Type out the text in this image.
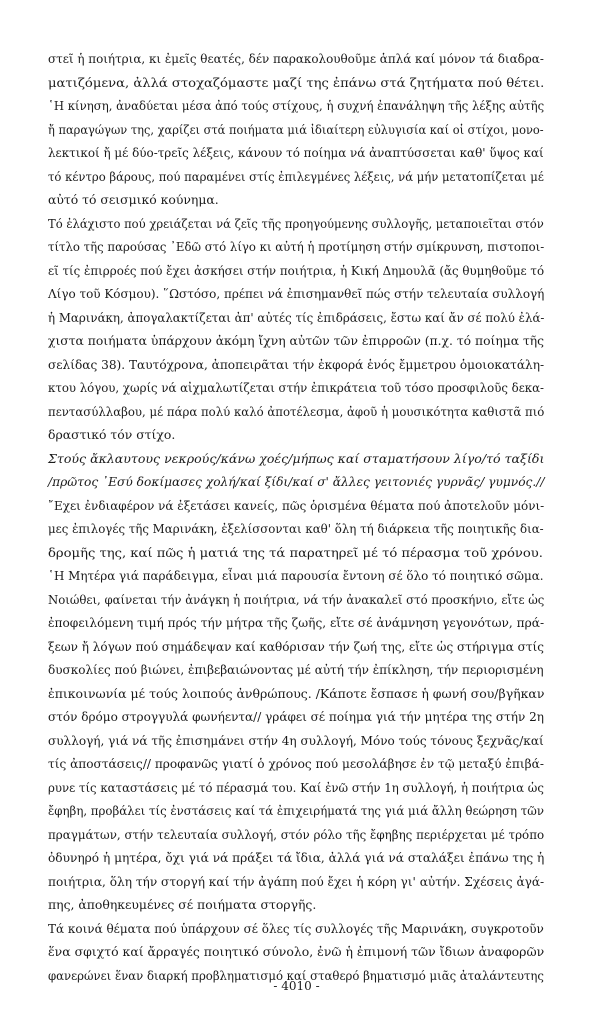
στεῖ ἡ ποιήτρια, κι ἐμεῖς θεατές, δέν παρακολουθοῦμε ἁπλά καί μόνον τά διαδρα-
ματιζόμενα, ἀλλά στοχαζόμαστε μαζί της ἐπάνω στά ζητήματα πού θέτει.
῾Η κίνηση, ἀναδύεται μέσα ἀπό τούς στίχους, ἡ συχνή ἐπανάληψη τῆς λέξης αὐτῆς
ἤ παραγώγων της, χαρίζει στά ποιήματα μιά ἰδιαίτερη εὐλυγισία καί οἱ στίχοι, μονο-
λεκτικοί ἤ μέ δύο-τρεῖς λέξεις, κάνουν τό ποίημα νά ἀναπτύσσεται καθ' ὕψος καί
τό κέντρο βάρους, πού παραμένει στίς ἐπιλεγμένες λέξεις, νά μήν μετατοπίζεται μέ
αὐτό τό σεισμικό κούνημα.
Τό ἐλάχιστο πού χρειάζεται νά ζεῖς τῆς προηγούμενης συλλογῆς, μεταποιεῖται στόν
τίτλο τῆς παρούσας ᾿Εδῶ στό λίγο κι αὐτή ἡ προτίμηση στήν σμίκρυνση, πιστοποι-
εῖ τίς ἐπιρροές πού ἔχει ἀσκήσει στήν ποιήτρια, ἡ Κική Δημουλᾶ (ἄς θυμηθοῦμε τό
Λίγο τοῦ Κόσμου). ῞Ωστόσο, πρέπει νά ἐπισημανθεῖ πώς στήν τελευταία συλλογή
ἡ Μαρινάκη, ἀπογαλακτίζεται ἀπ' αὐτές τίς ἐπιδράσεις, ἔστω καί ἄν σέ πολύ ἐλά-
χιστα ποιήματα ὑπάρχουν ἀκόμη ἴχνη αὐτῶν τῶν ἐπιρροῶν (π.χ. τό ποίημα τῆς
σελίδας 38). Ταυτόχρονα, ἀποπειρᾶται τήν ἐκφορά ἑνός ἔμμετρου ὁμοιοκατάλη-
κτου λόγου, χωρίς νά αἰχμαλωτίζεται στήν ἐπικράτεια τοῦ τόσο προσφιλοῦς δεκα-
πεντασύλλαβου, μέ πάρα πολύ καλό ἀποτέλεσμα, ἀφοῦ ἡ μουσικότητα καθιστᾶ πιό
δραστικό τόν στίχο.
Στούς ἄκλαυτους νεκρούς/κάνω χοές/μήπως καί σταματήσουν λίγο/τό ταξίδι
/πρῶτος ᾿Εσύ δοκίμασες χολή/καί ξίδι/καί σ' ἄλλες γειτονιές γυρνᾶς/ γυμνός.//
῎Εχει ἐνδιαφέρον νά ἐξετάσει κανείς, πῶς ὁρισμένα θέματα πού ἀποτελοῦν μόνι-
μες ἐπιλογές τῆς Μαρινάκη, ἐξελίσσονται καθ' ὅλη τή διάρκεια τῆς ποιητικῆς δια-
δρομῆς της, καί πῶς ἡ ματιά της τά παρατηρεῖ μέ τό πέρασμα τοῦ χρόνου.
῾Η Μητέρα γιά παράδειγμα, εἶναι μιά παρουσία ἔντονη σέ ὅλο τό ποιητικό σῶμα.
Νοιώθει, φαίνεται τήν ἀνάγκη ἡ ποιήτρια, νά τήν ἀνακαλεῖ στό προσκήνιο, εἴτε ὡς
ἐποφειλόμενη τιμή πρός τήν μήτρα τῆς ζωῆς, εἴτε σέ ἀνάμνηση γεγονότων, πρά-
ξεων ἤ λόγων πού σημάδεψαν καί καθόρισαν τήν ζωή της, εἴτε ὡς στήριγμα στίς
δυσκολίες πού βιώνει, ἐπιβεβαιώνοντας μέ αὐτή τήν ἐπίκληση, τήν περιορισμένη
ἐπικοινωνία μέ τούς λοιπούς ἀνθρώπους. /Κάποτε ἔσπασε ἡ φωνή σου/βγῆκαν
στόν δρόμο στρογγυλά φωνήεντα// γράφει σέ ποίημα γιά τήν μητέρα της στήν 2η
συλλογή, γιά νά τῆς ἐπισημάνει στήν 4η συλλογή, Μόνο τούς τόνους ξεχνᾶς/καί
τίς ἀποστάσεις// προφανῶς γιατί ὁ χρόνος πού μεσολάβησε ἐν τῷ μεταξύ ἐπιβά-
ρυνε τίς καταστάσεις μέ τό πέρασμά του. Καί ἐνῶ στήν 1η συλλογή, ἡ ποιήτρια ὡς
ἔφηβη, προβάλει τίς ἐνστάσεις καί τά ἐπιχειρήματά της γιά μιά ἄλλη θεώρηση τῶν
πραγμάτων, στήν τελευταία συλλογή, στόν ρόλο τῆς ἔφηβης περιέρχεται μέ τρόπο
ὀδυνηρό ἡ μητέρα, ὄχι γιά νά πράξει τά ἴδια, ἀλλά γιά νά σταλάξει ἐπάνω της ἡ
ποιήτρια, ὅλη τήν στοργή καί τήν ἀγάπη πού ἔχει ἡ κόρη γι' αὐτήν. Σχέσεις ἀγά-
πης, ἀποθηκευμένες σέ ποιήματα στοργῆς.
Τά κοινά θέματα πού ὑπάρχουν σέ ὅλες τίς συλλογές τῆς Μαρινάκη, συγκροτοῦν
ἕνα σφιχτό καί ἄρραγές ποιητικό σύνολο, ἐνῶ ἡ ἐπιμονή τῶν ἴδιων ἀναφορῶν
φανερώνει ἕναν διαρκή προβληματισμό καί σταθερό βηματισμό μιᾶς ἀταλάντευτης
- 4010 -
